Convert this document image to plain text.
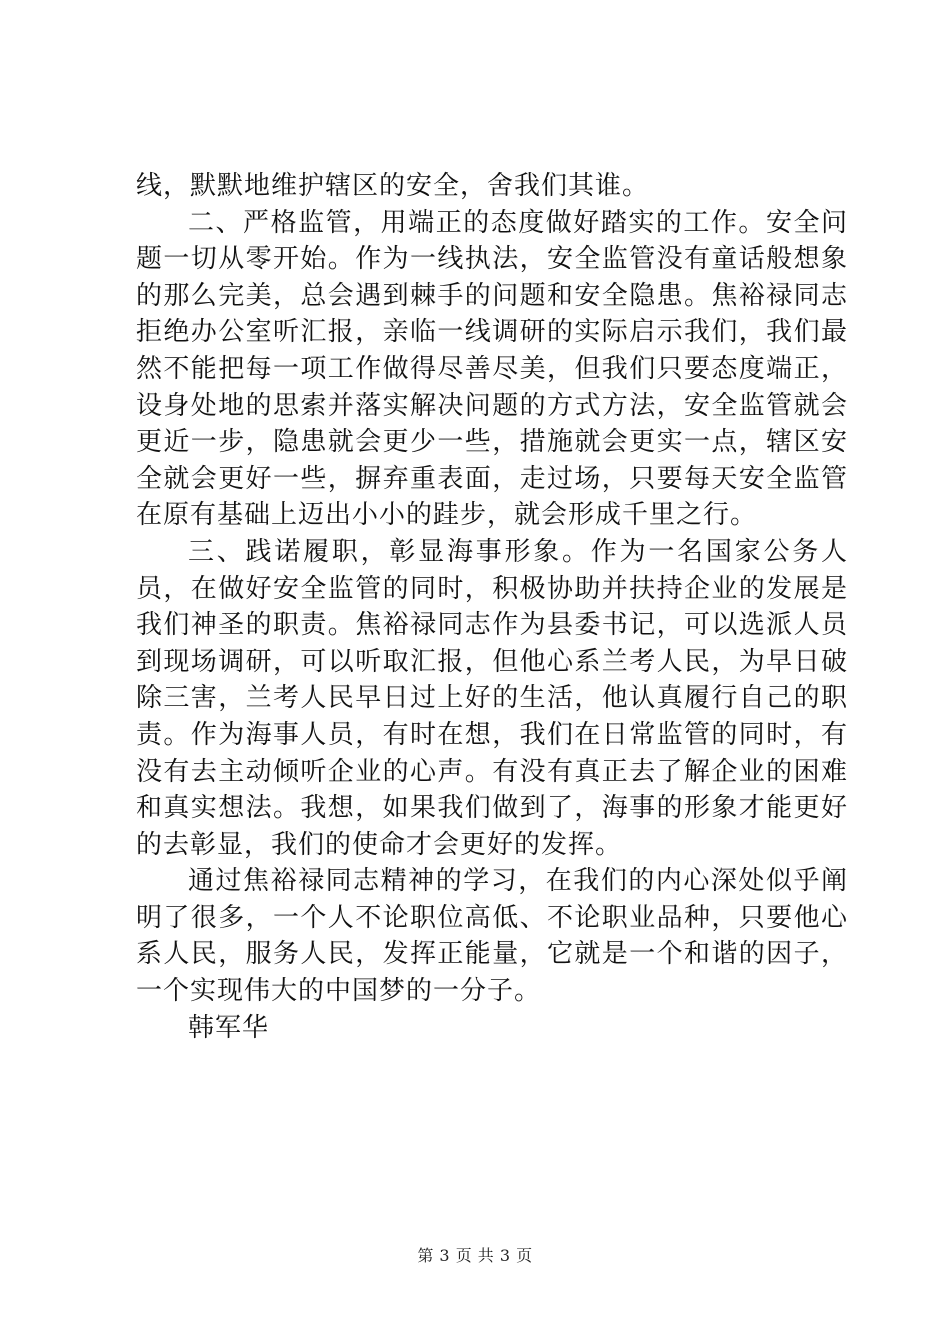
线，默默地维护辖区的安全，舍我们其谁。

二、严格监管，用端正的态度做好踏实的工作。安全问题一切从零开始。作为一线执法，安全监管没有童话般想象的那么完美，总会遇到棘手的问题和安全隐患。焦裕禄同志拒绝办公室听汇报，亲临一线调研的实际启示我们，我们最然不能把每一项工作做得尽善尽美，但我们只要态度端正，设身处地的思索并落实解决问题的方式方法，安全监管就会更近一步，隐患就会更少一些，措施就会更实一点，辖区安全就会更好一些，摒弃重表面，走过场，只要每天安全监管在原有基础上迈出小小的跬步，就会形成千里之行。

三、践诺履职，彰显海事形象。作为一名国家公务人员，在做好安全监管的同时，积极协助并扶持企业的发展是我们神圣的职责。焦裕禄同志作为县委书记，可以选派人员到现场调研，可以听取汇报，但他心系兰考人民，为早日破除三害，兰考人民早日过上好的生活，他认真履行自己的职责。作为海事人员，有时在想，我们在日常监管的同时，有没有去主动倾听企业的心声。有没有真正去了解企业的困难和真实想法。我想，如果我们做到了，海事的形象才能更好的去彰显，我们的使命才会更好的发挥。

通过焦裕禄同志精神的学习，在我们的内心深处似乎阐明了很多，一个人不论职位高低、不论职业品种，只要他心系人民，服务人民，发挥正能量，它就是一个和谐的因子，一个实现伟大的中国梦的一分子。

韩军华

第 3 页 共 3 页
